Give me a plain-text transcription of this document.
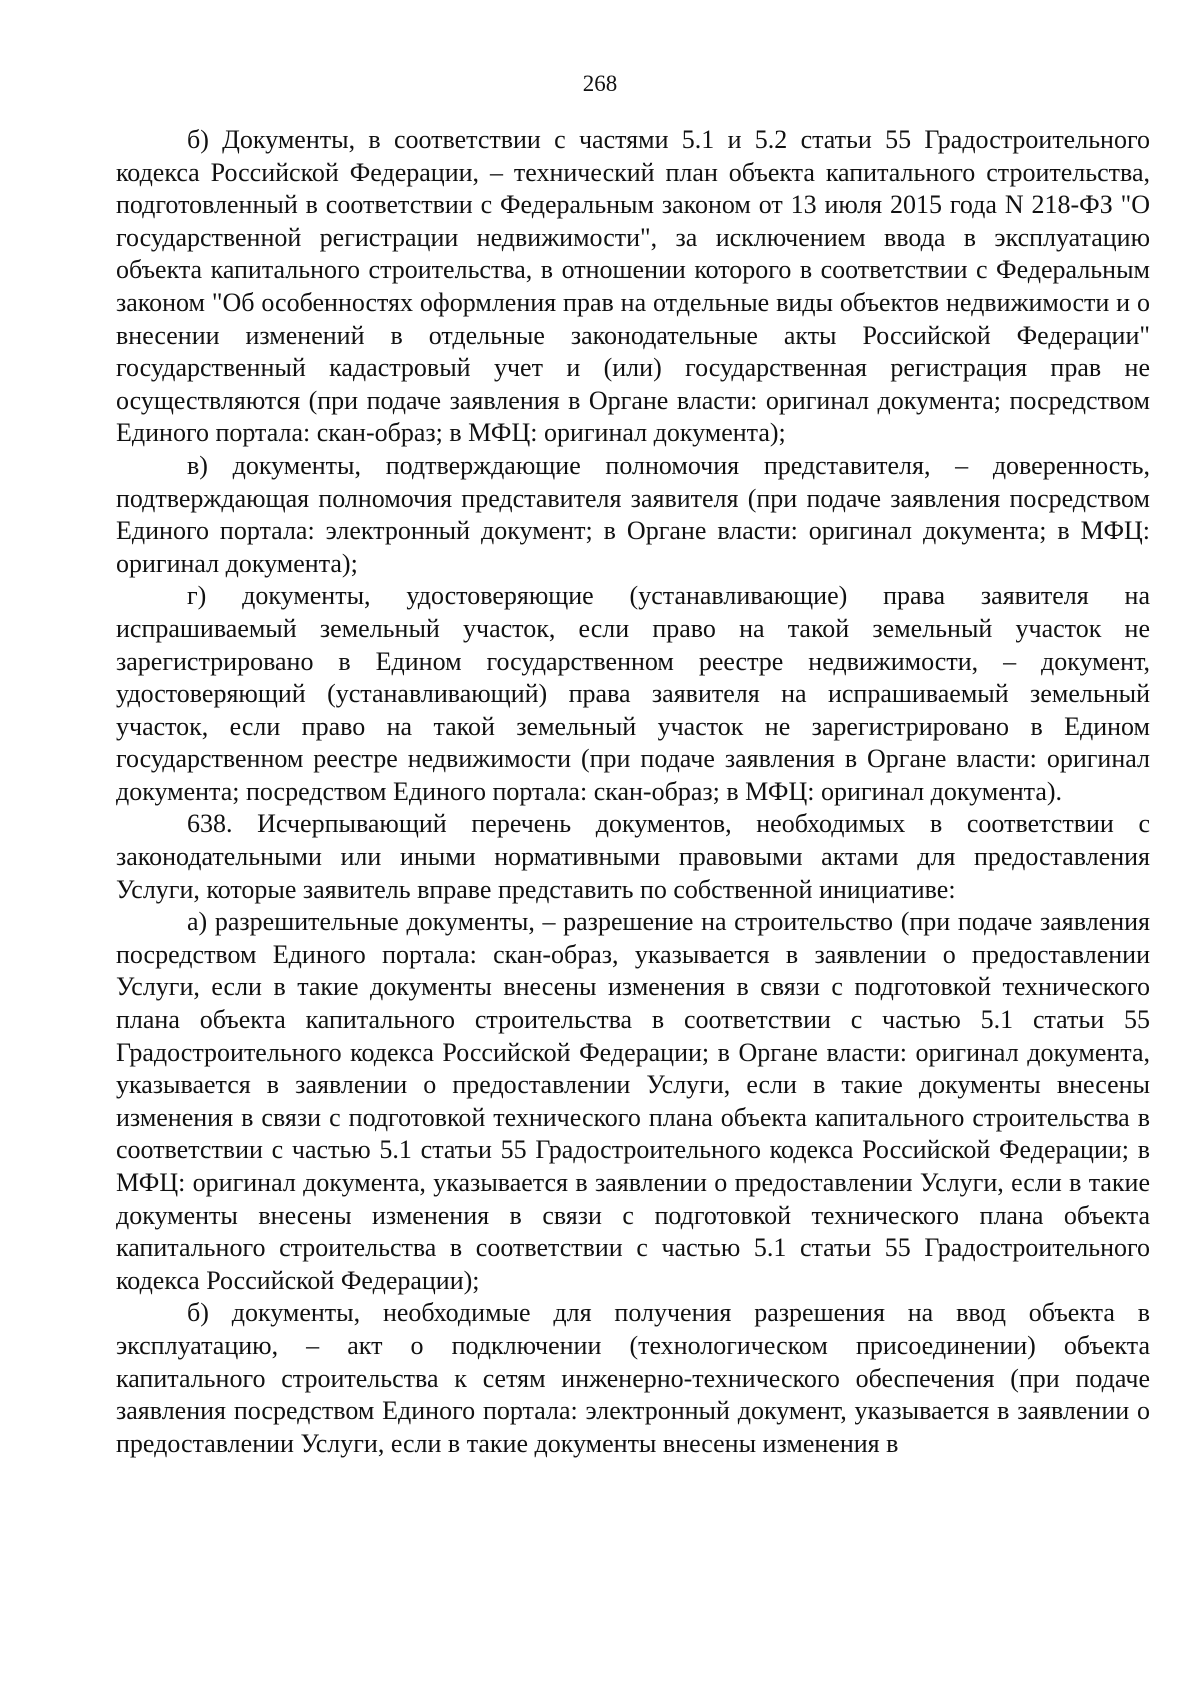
268

б) Документы, в соответствии с частями 5.1 и 5.2 статьи 55 Градостроительного кодекса Российской Федерации, – технический план объекта капитального строительства, подготовленный в соответствии с Федеральным законом от 13 июля 2015 года N 218-ФЗ "О государственной регистрации недвижимости", за исключением ввода в эксплуатацию объекта капитального строительства, в отношении которого в соответствии с Федеральным законом "Об особенностях оформления прав на отдельные виды объектов недвижимости и о внесении изменений в отдельные законодательные акты Российской Федерации" государственный кадастровый учет и (или) государственная регистрация прав не осуществляются (при подаче заявления в Органе власти: оригинал документа; посредством Единого портала: скан-образ; в МФЦ: оригинал документа);

в) документы, подтверждающие полномочия представителя, – доверенность, подтверждающая полномочия представителя заявителя (при подаче заявления посредством Единого портала: электронный документ; в Органе власти: оригинал документа; в МФЦ: оригинал документа);

г) документы, удостоверяющие (устанавливающие) права заявителя на испрашиваемый земельный участок, если право на такой земельный участок не зарегистрировано в Едином государственном реестре недвижимости, – документ, удостоверяющий (устанавливающий) права заявителя на испрашиваемый земельный участок, если право на такой земельный участок не зарегистрировано в Едином государственном реестре недвижимости (при подаче заявления в Органе власти: оригинал документа; посредством Единого портала: скан-образ; в МФЦ: оригинал документа).

638. Исчерпывающий перечень документов, необходимых в соответствии с законодательными или иными нормативными правовыми актами для предоставления Услуги, которые заявитель вправе представить по собственной инициативе:

а) разрешительные документы, – разрешение на строительство (при подаче заявления посредством Единого портала: скан-образ, указывается в заявлении о предоставлении Услуги, если в такие документы внесены изменения в связи с подготовкой технического плана объекта капитального строительства в соответствии с частью 5.1 статьи 55 Градостроительного кодекса Российской Федерации; в Органе власти: оригинал документа, указывается в заявлении о предоставлении Услуги, если в такие документы внесены изменения в связи с подготовкой технического плана объекта капитального строительства в соответствии с частью 5.1 статьи 55 Градостроительного кодекса Российской Федерации; в МФЦ: оригинал документа, указывается в заявлении о предоставлении Услуги, если в такие документы внесены изменения в связи с подготовкой технического плана объекта капитального строительства в соответствии с частью 5.1 статьи 55 Градостроительного кодекса Российской Федерации);

б) документы, необходимые для получения разрешения на ввод объекта в эксплуатацию, – акт о подключении (технологическом присоединении) объекта капитального строительства к сетям инженерно-технического обеспечения (при подаче заявления посредством Единого портала: электронный документ, указывается в заявлении о предоставлении Услуги, если в такие документы внесены изменения в
